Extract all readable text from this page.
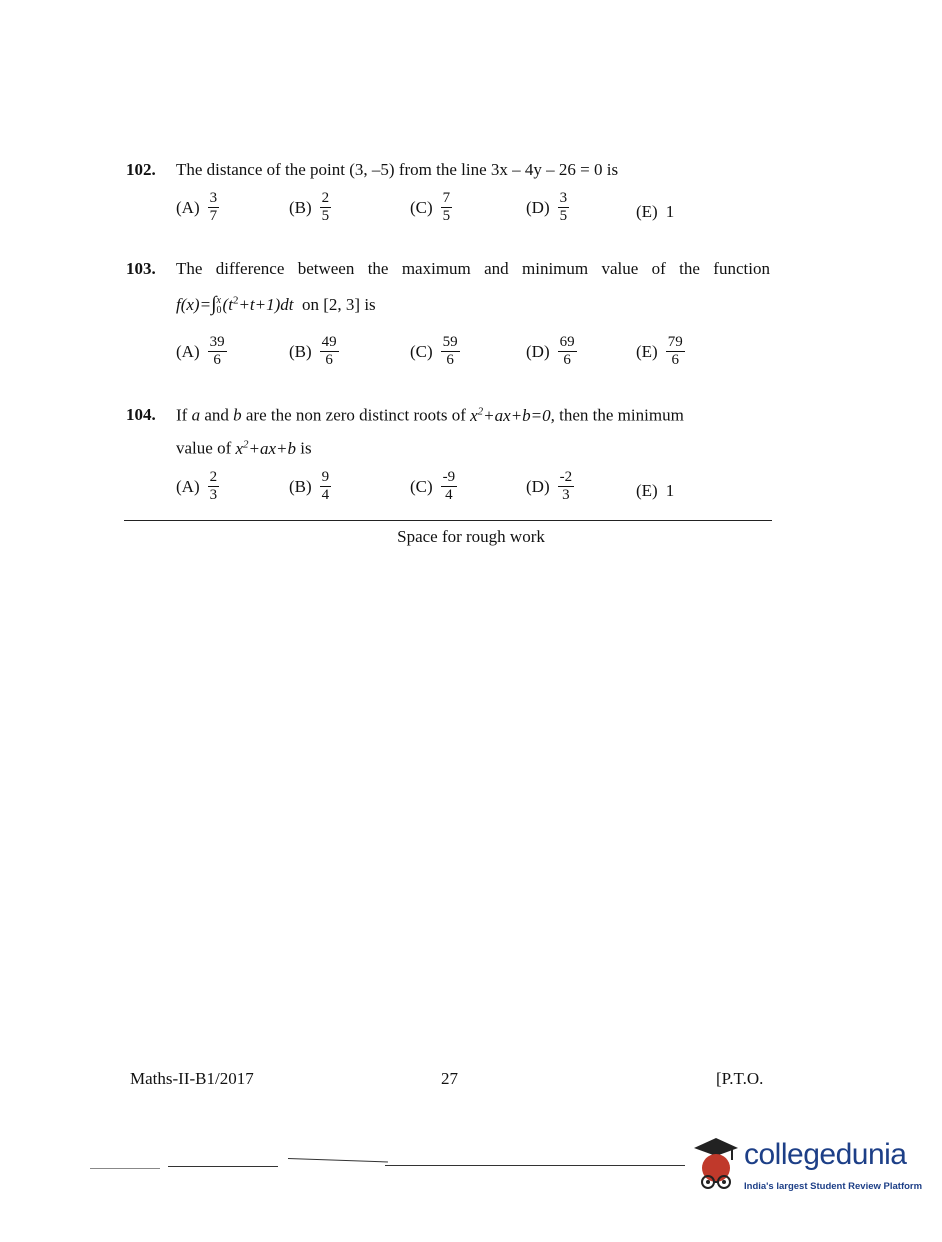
102. The distance of the point (3, –5) from the line 3x – 4y – 26 = 0 is
$(A) \frac{3}{7}$	$(B) \frac{2}{5}$	$(C) \frac{7}{5}$	$(D) \frac{3}{5}$	(E) 1
103. The difference between the maximum and minimum value of the function
f(x)=∫ x
0 $(t^2+t+1)dt$ on [2, 3] is
$(A) \frac{39}{6}$	$(B) \frac{49}{6}$	$(C) \frac{59}{6}$	$(D) \frac{69}{6}$	$(E) \frac{79}{6}$
104. If a and b are the non zero distinct roots of $x^2+ax+b=0$, then the minimum
value of $x^2+ax+b$ is
$(A) \frac{2}{3}$	$(B) \frac{9}{4}$	$(C) \frac{-9}{4}$	$(D) \frac{-2}{3}$	(E) 1
Space for rough work
Maths-II-B1/2017	27	[P.T.O.
collegedunia
India's largest Student Review Platform
